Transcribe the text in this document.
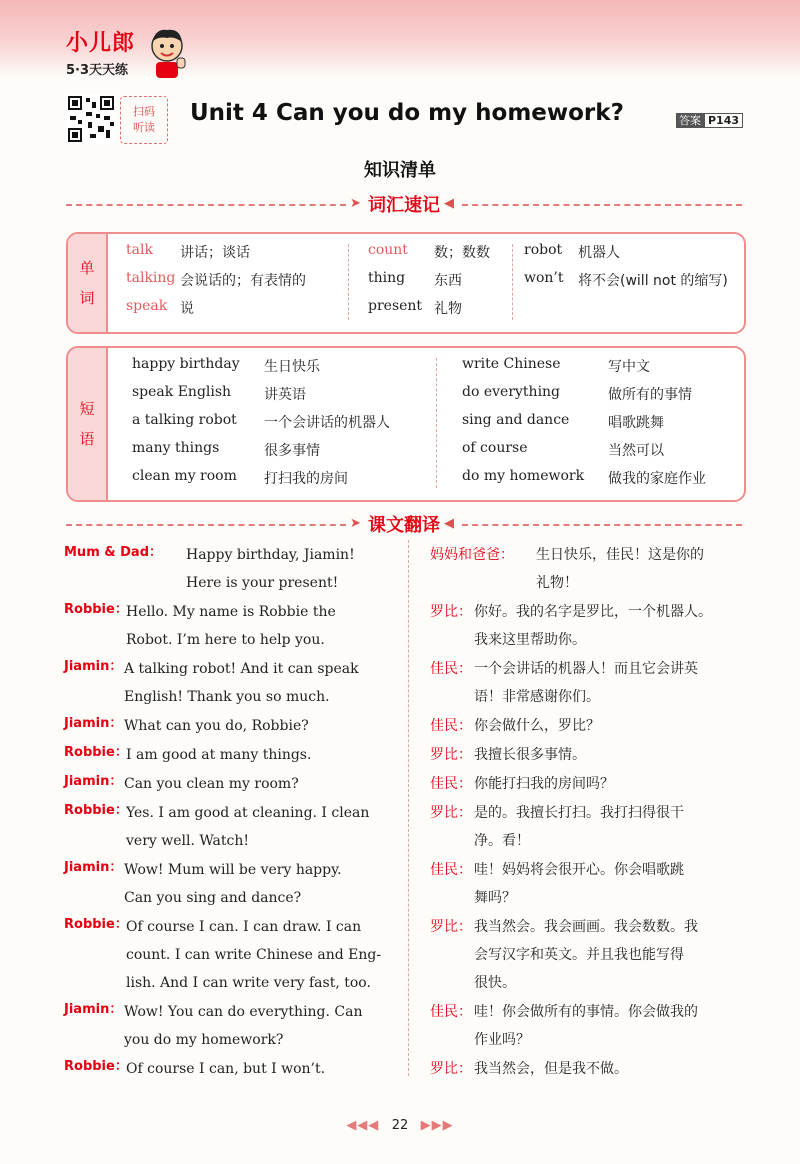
小儿郎
5·3天天练
扫码
听读
Unit 4 Can you do my homework?	答案 P143
知识清单
➤	◀
词汇速记
单
词
talk 讲话；谈话
talking 会说话的；有表情的
speak 说
count 数；数数
thing 东西
present 礼物
robot 机器人
won’t 将不会(will not 的缩写)
短
语
happy birthday 生日快乐
speak English 讲英语
a talking robot 一个会讲话的机器人
many things	很多事情
clean my room 打扫我的房间
write Chinese	写中文
do everything	做所有的事情
sing and dance	唱歌跳舞
of course	当然可以
do my homework 做我的家庭作业
➤	◀
课文翻译
Mum & Dad： Happy birthday, Jiamin!
Here is your present!
妈妈和爸爸： 生日快乐，佳民！这是你的
礼物！
Robbie：
Hello. My name is Robbie the
Robot. I’m here to help you.
罗比： 你好。我的名字是罗比，一个机器人。
我来这里帮助你。
Jiamin： A talking robot! And it can speak
English! Thank you so much.
佳民： 一个会讲话的机器人！而且它会讲英
语！非常感谢你们。
Jiamin： What can you do, Robbie?	佳民： 你会做什么，罗比？
Robbie：
I am good at many things.	罗比： 我擅长很多事情。
Jiamin： Can you clean my room?	佳民： 你能打扫我的房间吗？
Robbie：
Yes. I am good at cleaning. I clean
very well. Watch!
罗比： 是的。我擅长打扫。我打扫得很干
净。看！
Jiamin： Wow! Mum will be very happy.
Can you sing and dance?
佳民： 哇！妈妈将会很开心。你会唱歌跳
舞吗？
Robbie：
Of course I can. I can draw. I can
count. I can write Chinese and Eng-
lish. And I can write very fast, too.
罗比： 我当然会。我会画画。我会数数。我
会写汉字和英文。并且我也能写得
很快。
Jiamin： Wow! You can do everything. Can
you do my homework?
佳民： 哇！你会做所有的事情。你会做我的
作业吗？
Robbie：
Of course I can, but I won’t.	罗比： 我当然会，但是我不做。
◀◀◀ 22 ▶▶▶
